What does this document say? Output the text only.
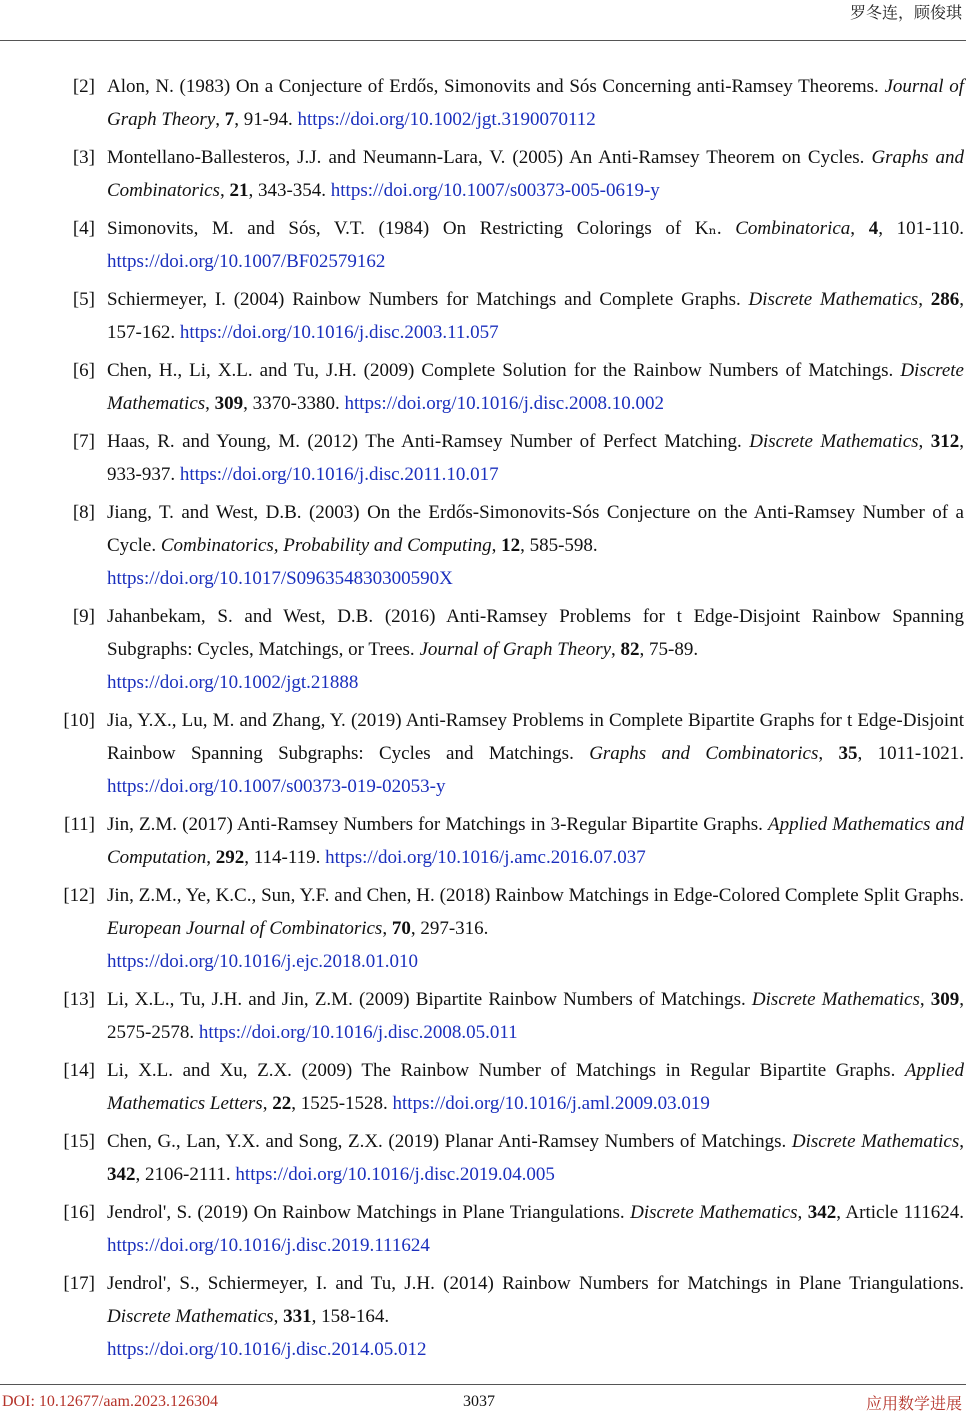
罗冬连，顾俊琪
[2] Alon, N. (1983) On a Conjecture of Erdős, Simonovits and Sós Concerning anti-Ramsey Theorems. Journal of Graph Theory, 7, 91-94. https://doi.org/10.1002/jgt.3190070112
[3] Montellano-Ballesteros, J.J. and Neumann-Lara, V. (2005) An Anti-Ramsey Theorem on Cycles. Graphs and Combinatorics, 21, 343-354. https://doi.org/10.1007/s00373-005-0619-y
[4] Simonovits, M. and Sós, V.T. (1984) On Restricting Colorings of Kₙ. Combinatorica, 4, 101-110. https://doi.org/10.1007/BF02579162
[5] Schiermeyer, I. (2004) Rainbow Numbers for Matchings and Complete Graphs. Discrete Mathematics, 286, 157-162. https://doi.org/10.1016/j.disc.2003.11.057
[6] Chen, H., Li, X.L. and Tu, J.H. (2009) Complete Solution for the Rainbow Numbers of Matchings. Discrete Mathematics, 309, 3370-3380. https://doi.org/10.1016/j.disc.2008.10.002
[7] Haas, R. and Young, M. (2012) The Anti-Ramsey Number of Perfect Matching. Discrete Mathematics, 312, 933-937. https://doi.org/10.1016/j.disc.2011.10.017
[8] Jiang, T. and West, D.B. (2003) On the Erdős-Simonovits-Sós Conjecture on the Anti-Ramsey Number of a Cycle. Combinatorics, Probability and Computing, 12, 585-598.
https://doi.org/10.1017/S096354830300590X
[9] Jahanbekam, S. and West, D.B. (2016) Anti-Ramsey Problems for t Edge-Disjoint Rainbow Spanning Subgraphs: Cycles, Matchings, or Trees. Journal of Graph Theory, 82, 75-89.
https://doi.org/10.1002/jgt.21888
[10] Jia, Y.X., Lu, M. and Zhang, Y. (2019) Anti-Ramsey Problems in Complete Bipartite Graphs for t Edge-Disjoint Rainbow Spanning Subgraphs: Cycles and Matchings. Graphs and Combinatorics, 35, 1011-1021. https://doi.org/10.1007/s00373-019-02053-y
[11] Jin, Z.M. (2017) Anti-Ramsey Numbers for Matchings in 3-Regular Bipartite Graphs. Applied Mathematics and Computation, 292, 114-119. https://doi.org/10.1016/j.amc.2016.07.037
[12] Jin, Z.M., Ye, K.C., Sun, Y.F. and Chen, H. (2018) Rainbow Matchings in Edge-Colored Complete Split Graphs. European Journal of Combinatorics, 70, 297-316.
https://doi.org/10.1016/j.ejc.2018.01.010
[13] Li, X.L., Tu, J.H. and Jin, Z.M. (2009) Bipartite Rainbow Numbers of Matchings. Discrete Mathematics, 309, 2575-2578. https://doi.org/10.1016/j.disc.2008.05.011
[14] Li, X.L. and Xu, Z.X. (2009) The Rainbow Number of Matchings in Regular Bipartite Graphs. Applied Mathematics Letters, 22, 1525-1528. https://doi.org/10.1016/j.aml.2009.03.019
[15] Chen, G., Lan, Y.X. and Song, Z.X. (2019) Planar Anti-Ramsey Numbers of Matchings. Discrete Mathematics, 342, 2106-2111. https://doi.org/10.1016/j.disc.2019.04.005
[16] Jendrol', S. (2019) On Rainbow Matchings in Plane Triangulations. Discrete Mathematics, 342, Article 111624. https://doi.org/10.1016/j.disc.2019.111624
[17] Jendrol', S., Schiermeyer, I. and Tu, J.H. (2014) Rainbow Numbers for Matchings in Plane Triangulations. Discrete Mathematics, 331, 158-164.
https://doi.org/10.1016/j.disc.2014.05.012
DOI: 10.12677/aam.2023.126304	3037	应用数学进展
